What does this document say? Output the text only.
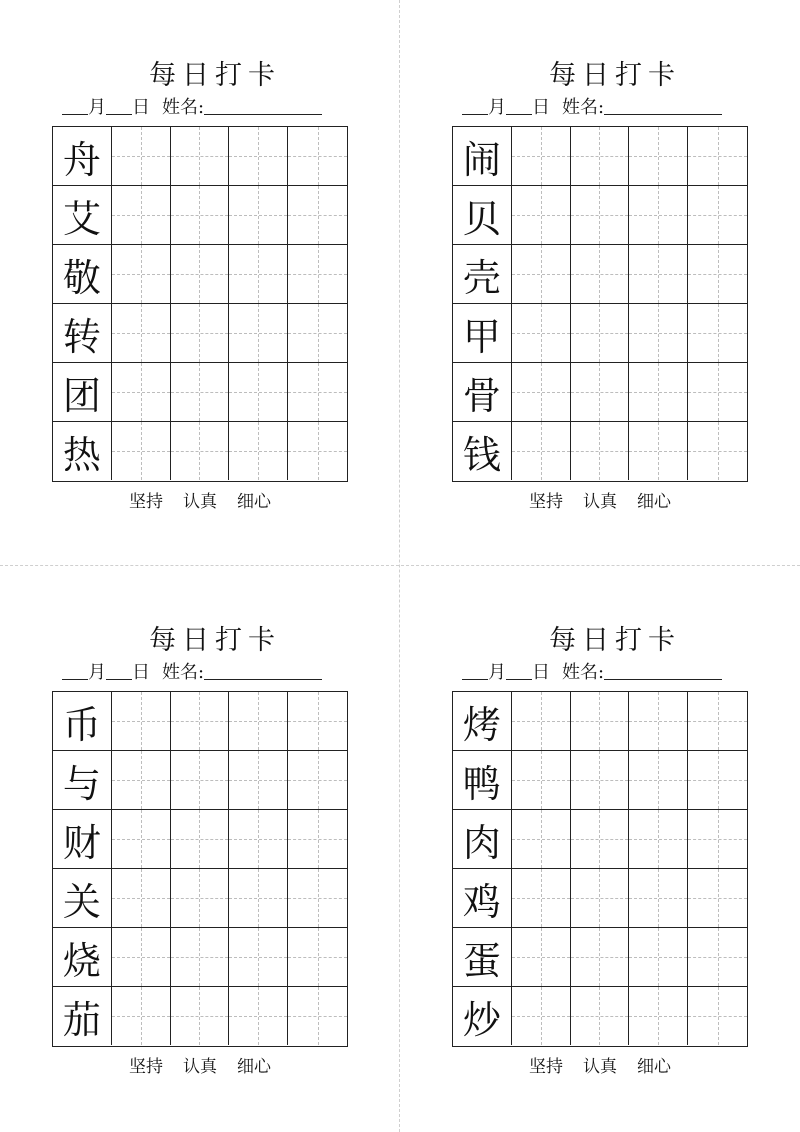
每日打卡
月 日 姓名:
舟
艾
敬
转
团
热
坚持 认真 细心
每日打卡
月 日 姓名:
闹
贝
壳
甲
骨
钱
坚持 认真 细心
每日打卡
月 日 姓名:
币
与
财
关
烧
茄
坚持 认真 细心
每日打卡
月 日 姓名:
烤
鸭
肉
鸡
蛋
炒
坚持 认真 细心
